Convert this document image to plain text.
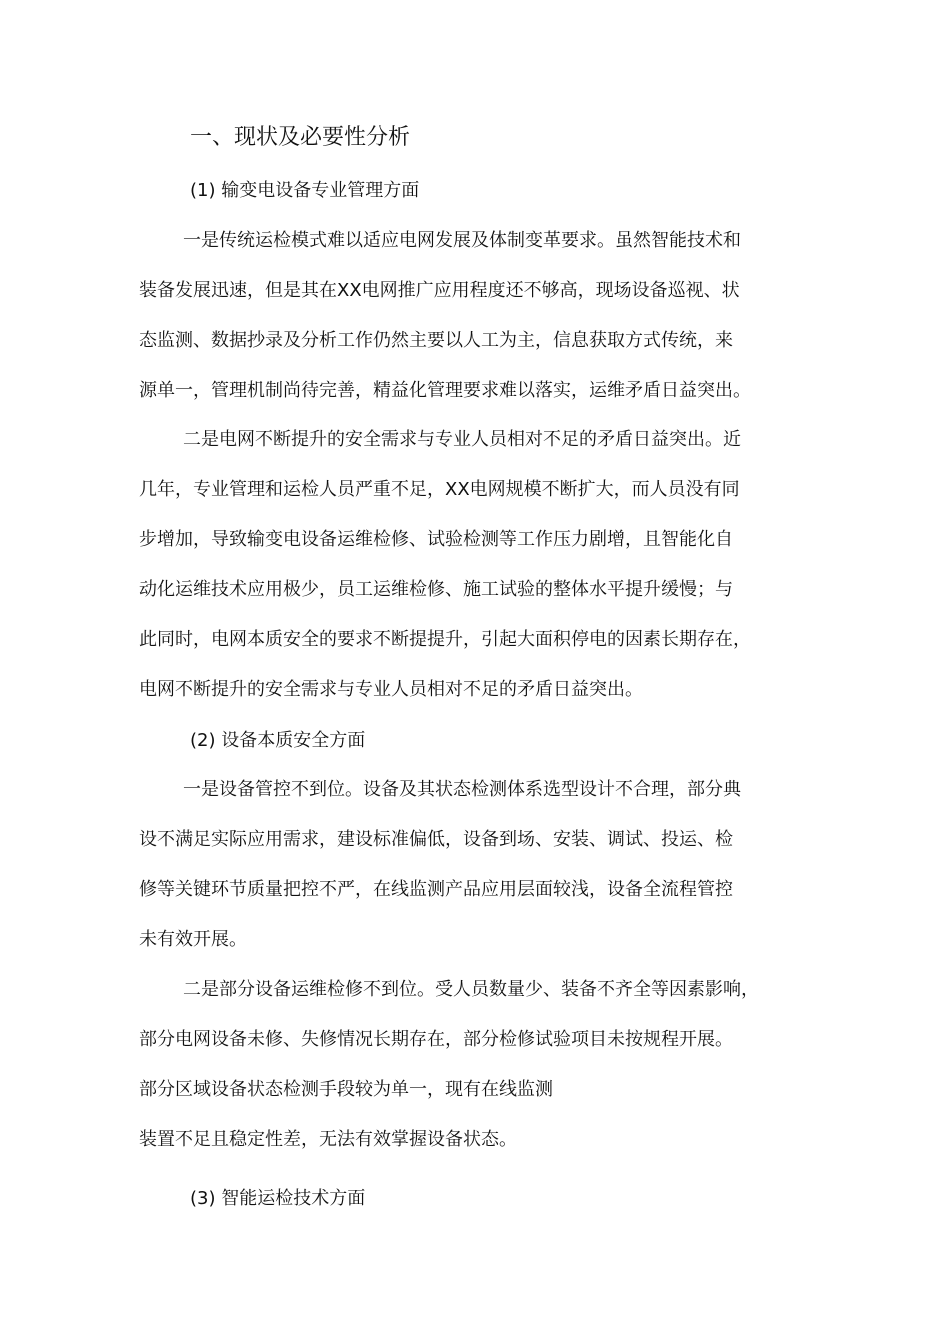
一、现状及必要性分析
(1) 输变电设备专业管理方面
一是传统运检模式难以适应电网发展及体制变革要求。虽然智能技术和
装备发展迅速，但是其在XX电网推广应用程度还不够高，现场设备巡视、状
态监测、数据抄录及分析工作仍然主要以人工为主，信息获取方式传统，来
源单一，管理机制尚待完善，精益化管理要求难以落实，运维矛盾日益突出。
二是电网不断提升的安全需求与专业人员相对不足的矛盾日益突出。近
几年，专业管理和运检人员严重不足，XX电网规模不断扩大，而人员没有同
步增加，导致输变电设备运维检修、试验检测等工作压力剧增，且智能化自
动化运维技术应用极少，员工运维检修、施工试验的整体水平提升缓慢；与
此同时，电网本质安全的要求不断提提升，引起大面积停电的因素长期存在，
电网不断提升的安全需求与专业人员相对不足的矛盾日益突出。
(2) 设备本质安全方面
一是设备管控不到位。设备及其状态检测体系选型设计不合理，部分典
设不满足实际应用需求，建设标准偏低，设备到场、安装、调试、投运、检
修等关键环节质量把控不严，在线监测产品应用层面较浅，设备全流程管控
未有效开展。
二是部分设备运维检修不到位。受人员数量少、装备不齐全等因素影响，
部分电网设备未修、失修情况长期存在，部分检修试验项目未按规程开展。
部分区域设备状态检测手段较为单一，现有在线监测
装置不足且稳定性差，无法有效掌握设备状态。
(3) 智能运检技术方面
